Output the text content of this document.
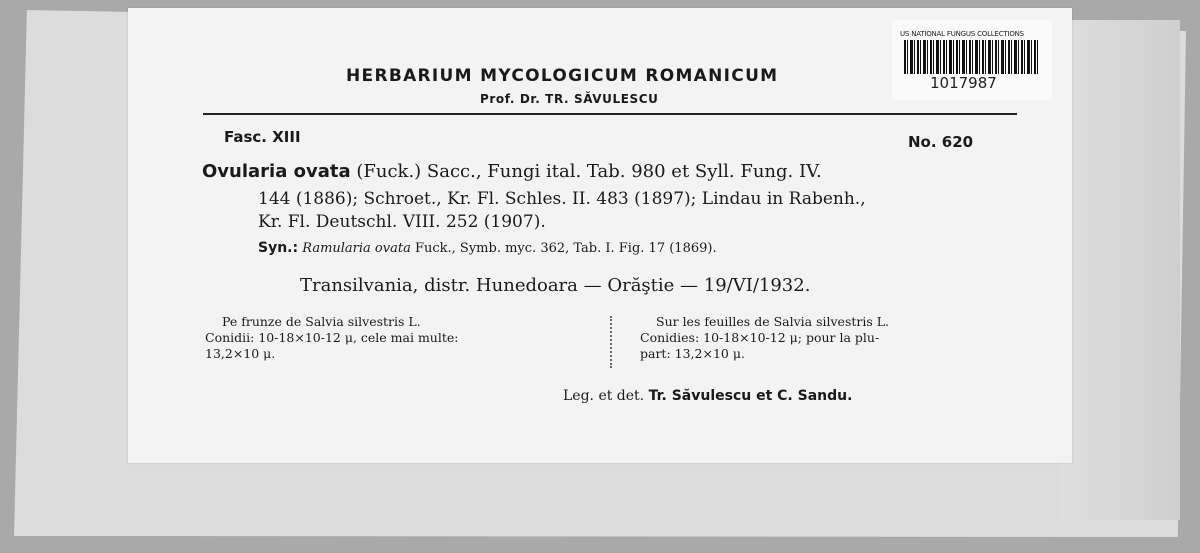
US NATIONAL FUNGUS COLLECTIONS
1017987
HERBARIUM MYCOLOGICUM ROMANICUM
Prof. Dr. TR. SĂVULESCU
Fasc. XIII	No. 620
Ovularia ovata (Fuck.) Sacc., Fungi ital. Tab. 980 et Syll. Fung. IV.
144 (1886); Schroet., Kr. Fl. Schles. II. 483 (1897); Lindau in Rabenh.,
Kr. Fl. Deutschl. VIII. 252 (1907).
Syn.: Ramularia ovata Fuck., Symb. myc. 362, Tab. I. Fig. 17 (1869).
Transilvania, distr. Hunedoara — Orăştie — 19/VI/1932.
Pe frunze de Salvia silvestris L.
Conidii: 10-18×10-12 μ, cele mai multe:
13,2×10 μ.
Sur les feuilles de Salvia silvestris L.
Conidies: 10-18×10-12 μ; pour la plu-
part: 13,2×10 μ.
Leg. et det. Tr. Săvulescu et C. Sandu.
